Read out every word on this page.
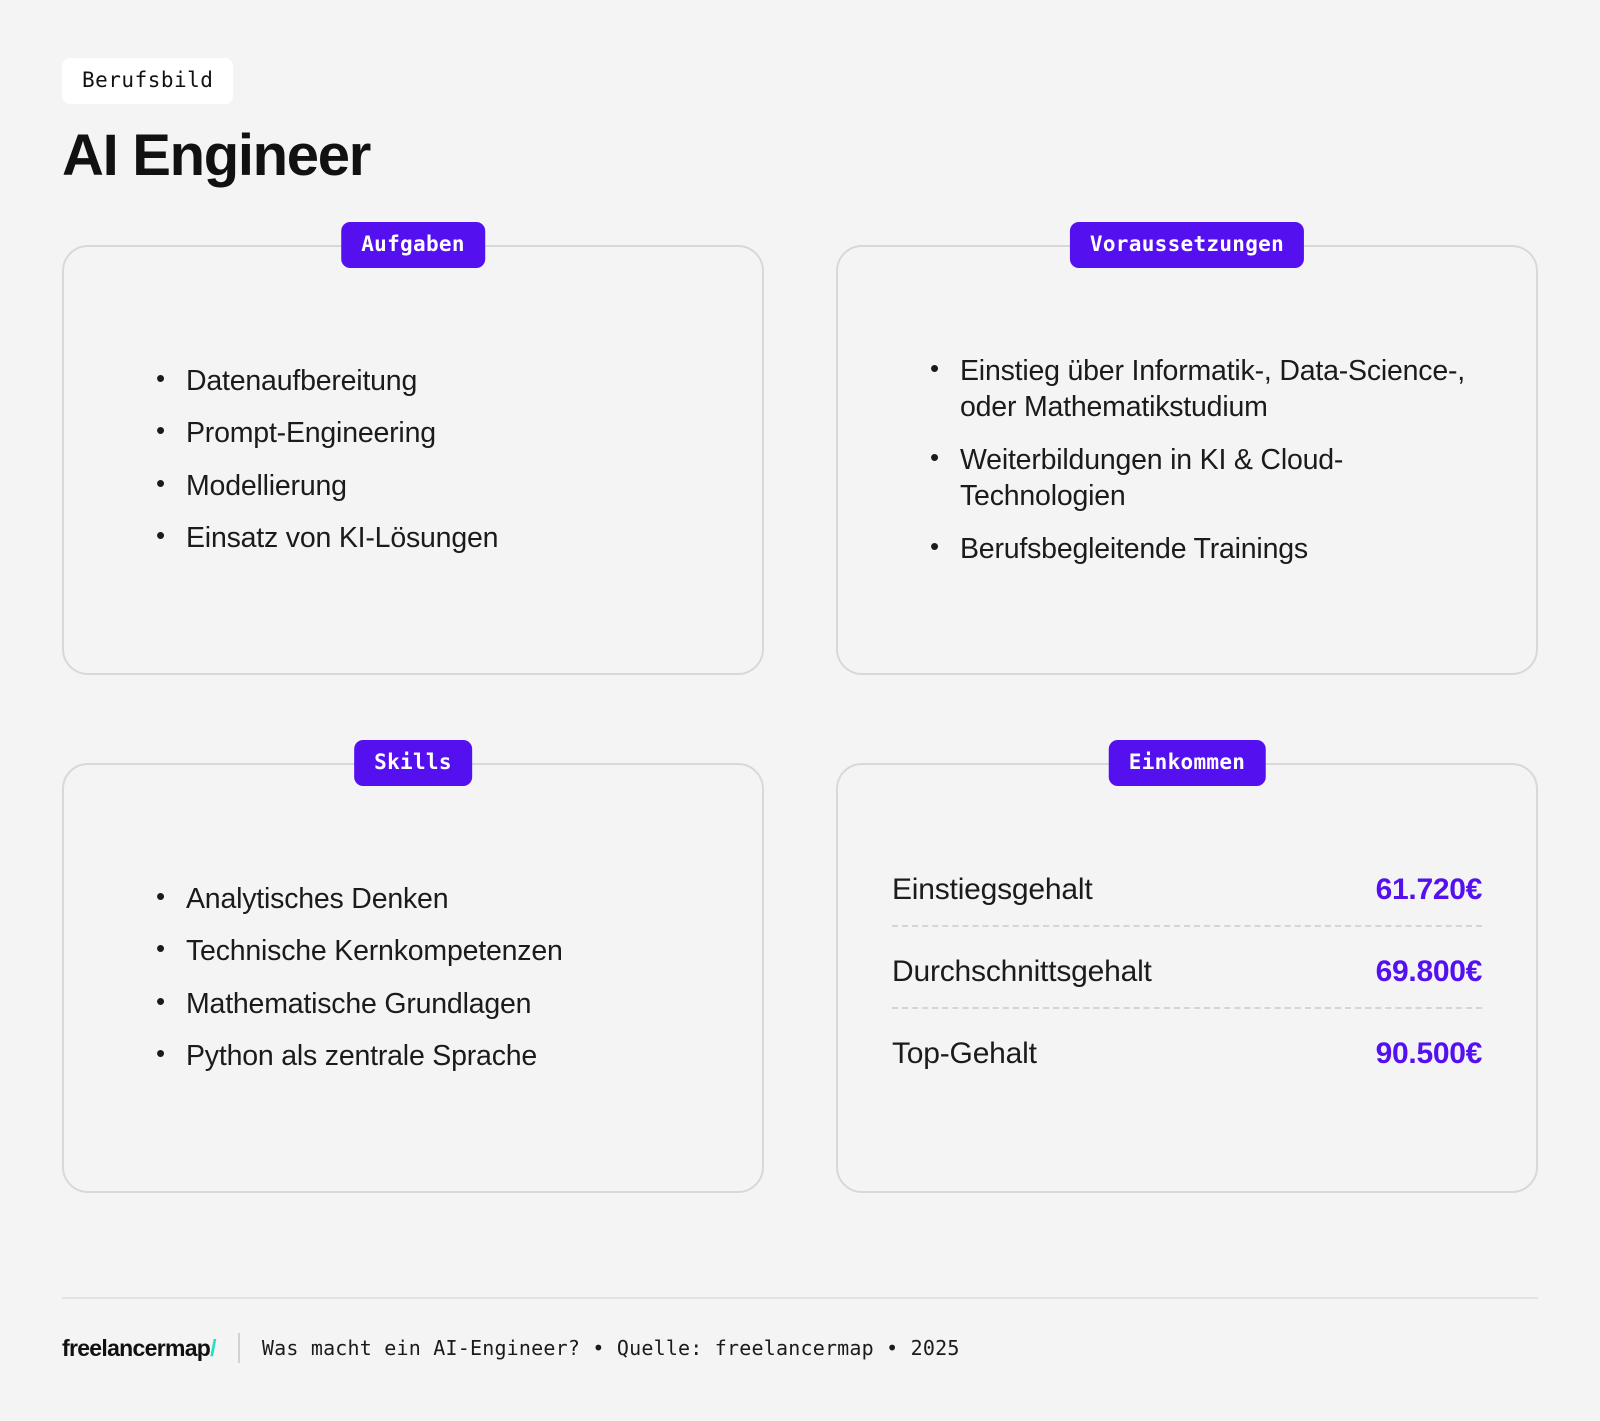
Berufsbild
AI Engineer
Aufgaben
• Datenaufbereitung
• Prompt-Engineering
• Modellierung
• Einsatz von KI-Lösungen
Voraussetzungen
• Einstieg über Informatik-, Data-Science-, oder Mathematikstudium
• Weiterbildungen in KI & Cloud-Technologien
• Berufsbegleitende Trainings
Skills
• Analytisches Denken
• Technische Kernkompetenzen
• Mathematische Grundlagen
• Python als zentrale Sprache
Einkommen
Einstiegsgehalt	61.720€
Durchschnittsgehalt	69.800€
Top-Gehalt	90.500€
freelancermap/ Was macht ein AI-Engineer? • Quelle: freelancermap • 2025
